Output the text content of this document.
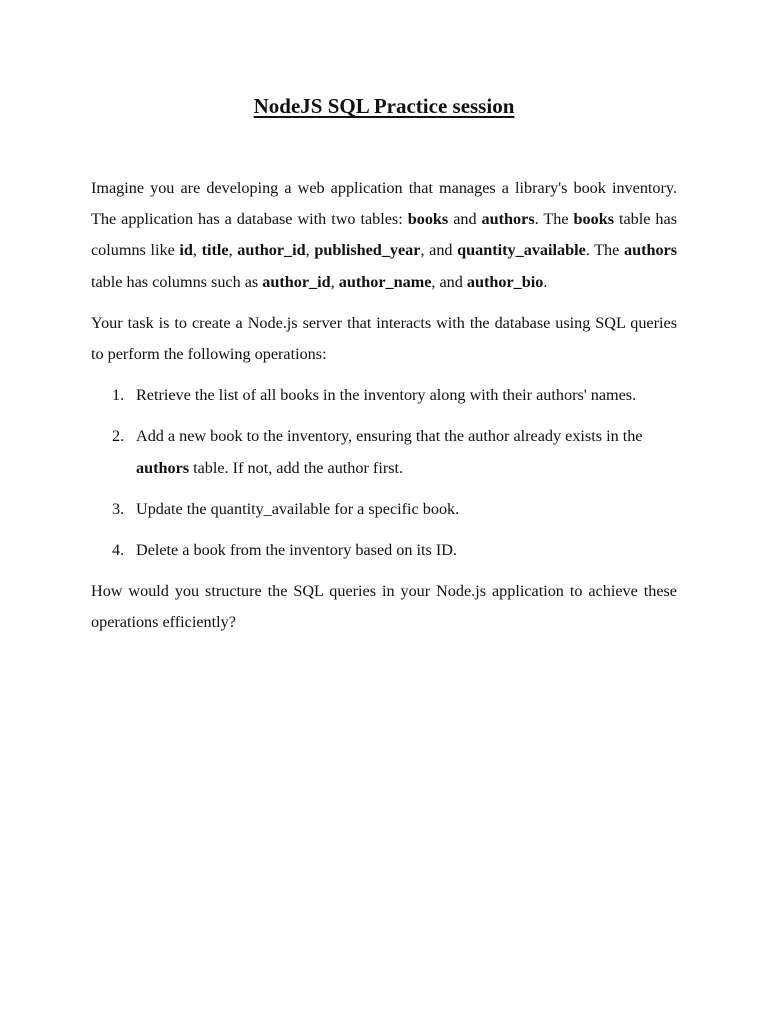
NodeJS SQL Practice session

Imagine you are developing a web application that manages a library's book inventory. The application has a database with two tables: books and authors. The books table has columns like id, title, author_id, published_year, and quantity_available. The authors table has columns such as author_id, author_name, and author_bio.

Your task is to create a Node.js server that interacts with the database using SQL queries to perform the following operations:

1. Retrieve the list of all books in the inventory along with their authors' names.
2. Add a new book to the inventory, ensuring that the author already exists in the authors table. If not, add the author first.
3. Update the quantity_available for a specific book.
4. Delete a book from the inventory based on its ID.

How would you structure the SQL queries in your Node.js application to achieve these operations efficiently?
